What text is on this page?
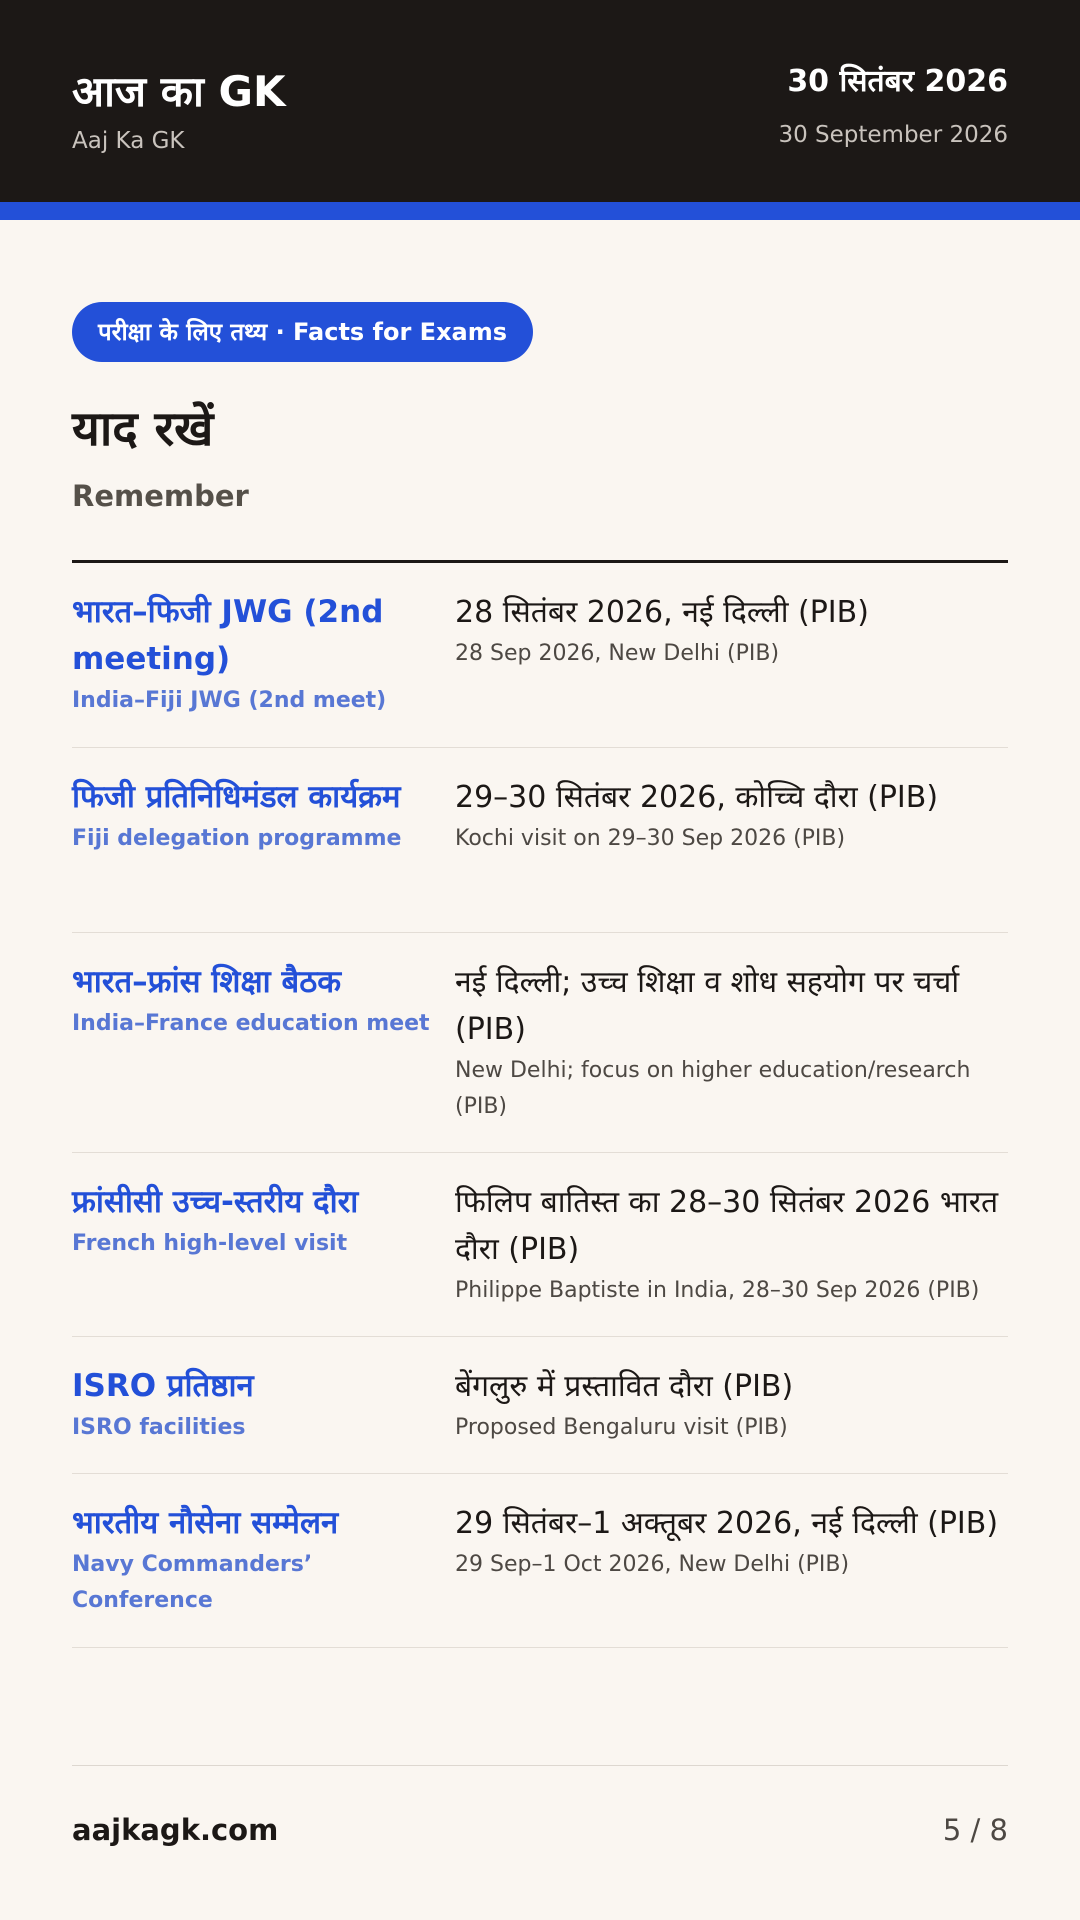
आज का GK
Aaj Ka GK
30 सितंबर 2026
30 September 2026
परीक्षा के लिए तथ्य · Facts for Exams
याद रखें
Remember
भारत–फिजी JWG (2nd meeting)
India–Fiji JWG (2nd meet)
28 सितंबर 2026, नई दिल्ली (PIB)
28 Sep 2026, New Delhi (PIB)
फिजी प्रतिनिधिमंडल कार्यक्रम
Fiji delegation programme
29–30 सितंबर 2026, कोच्चि दौरा (PIB)
Kochi visit on 29–30 Sep 2026 (PIB)
भारत–फ्रांस शिक्षा बैठक
India–France education meet
नई दिल्ली; उच्च शिक्षा व शोध सहयोग पर चर्चा (PIB)
New Delhi; focus on higher education/research (PIB)
फ्रांसीसी उच्च-स्तरीय दौरा
French high-level visit
फिलिप बातिस्त का 28–30 सितंबर 2026 भारत दौरा (PIB)
Philippe Baptiste in India, 28–30 Sep 2026 (PIB)
ISRO प्रतिष्ठान
ISRO facilities
बेंगलुरु में प्रस्तावित दौरा (PIB)
Proposed Bengaluru visit (PIB)
भारतीय नौसेना सम्मेलन
Navy Commanders’ Conference
29 सितंबर–1 अक्तूबर 2026, नई दिल्ली (PIB)
29 Sep–1 Oct 2026, New Delhi (PIB)
aajkagk.com	5 / 8
